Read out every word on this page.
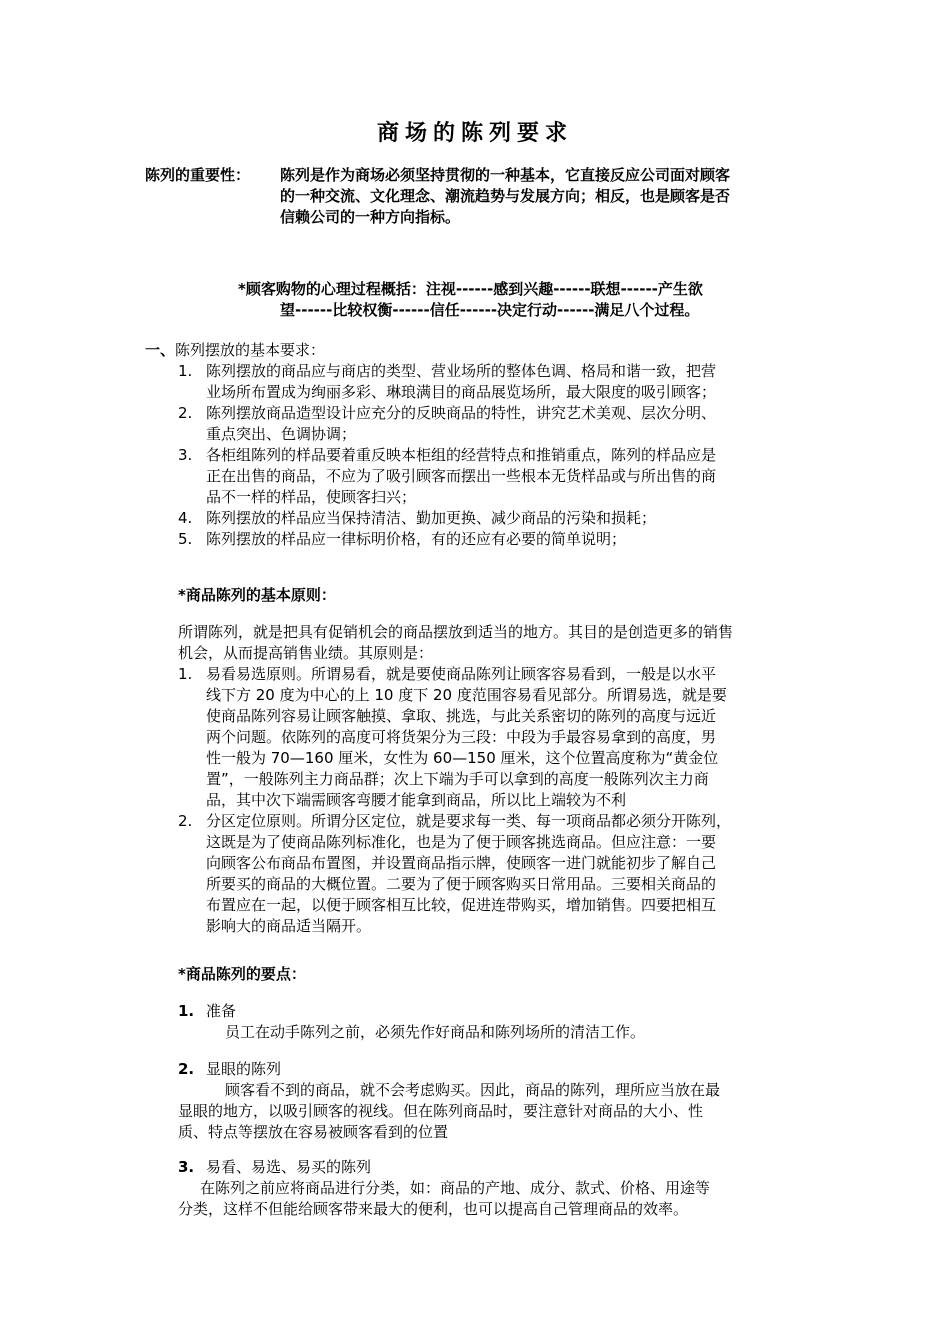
商场的陈列要求
陈列的重要性： 陈列是作为商场必须坚持贯彻的一种基本，它直接反应公司面对顾客
的一种交流、文化理念、潮流趋势与发展方向；相反，也是顾客是否
信赖公司的一种方向指标。
*顾客购物的心理过程概括：注视------感到兴趣------联想------产生欲
望------比较权衡------信任------决定行动------满足八个过程。
一、陈列摆放的基本要求：
1. 陈列摆放的商品应与商店的类型、营业场所的整体色调、格局和谐一致，把营
业场所布置成为绚丽多彩、琳琅满目的商品展览场所，最大限度的吸引顾客；
2. 陈列摆放商品造型设计应充分的反映商品的特性，讲究艺术美观、层次分明、
重点突出、色调协调；
3. 各柜组陈列的样品要着重反映本柜组的经营特点和推销重点，陈列的样品应是
正在出售的商品，不应为了吸引顾客而摆出一些根本无货样品或与所出售的商
品不一样的样品，使顾客扫兴；
4. 陈列摆放的样品应当保持清洁、勤加更换、减少商品的污染和损耗；
5. 陈列摆放的样品应一律标明价格，有的还应有必要的简单说明；
*商品陈列的基本原则：
所谓陈列，就是把具有促销机会的商品摆放到适当的地方。其目的是创造更多的销售
机会，从而提高销售业绩。其原则是：
1. 易看易选原则。所谓易看，就是要使商品陈列让顾客容易看到，一般是以水平
线下方 20 度为中心的上 10 度下 20 度范围容易看见部分。所谓易选，就是要
使商品陈列容易让顾客触摸、拿取、挑选，与此关系密切的陈列的高度与远近
两个问题。依陈列的高度可将货架分为三段：中段为手最容易拿到的高度，男
性一般为 70—160 厘米，女性为 60—150 厘米，这个位置高度称为“黄金位
置”，一般陈列主力商品群；次上下端为手可以拿到的高度一般陈列次主力商
品，其中次下端需顾客弯腰才能拿到商品，所以比上端较为不利
2. 分区定位原则。所谓分区定位，就是要求每一类、每一项商品都必须分开陈列，
这既是为了使商品陈列标准化，也是为了便于顾客挑选商品。但应注意：一要
向顾客公布商品布置图，并设置商品指示牌，使顾客一进门就能初步了解自己
所要买的商品的大概位置。二要为了便于顾客购买日常用品。三要相关商品的
布置应在一起，以便于顾客相互比较，促进连带购买，增加销售。四要把相互
影响大的商品适当隔开。
*商品陈列的要点：
1. 准备
员工在动手陈列之前，必须先作好商品和陈列场所的清洁工作。
2. 显眼的陈列
顾客看不到的商品，就不会考虑购买。因此，商品的陈列，理所应当放在最
显眼的地方，以吸引顾客的视线。但在陈列商品时，要注意针对商品的大小、性
质、特点等摆放在容易被顾客看到的位置
3. 易看、易选、易买的陈列
在陈列之前应将商品进行分类，如：商品的产地、成分、款式、价格、用途等
分类，这样不但能给顾客带来最大的便利，也可以提高自己管理商品的效率。
